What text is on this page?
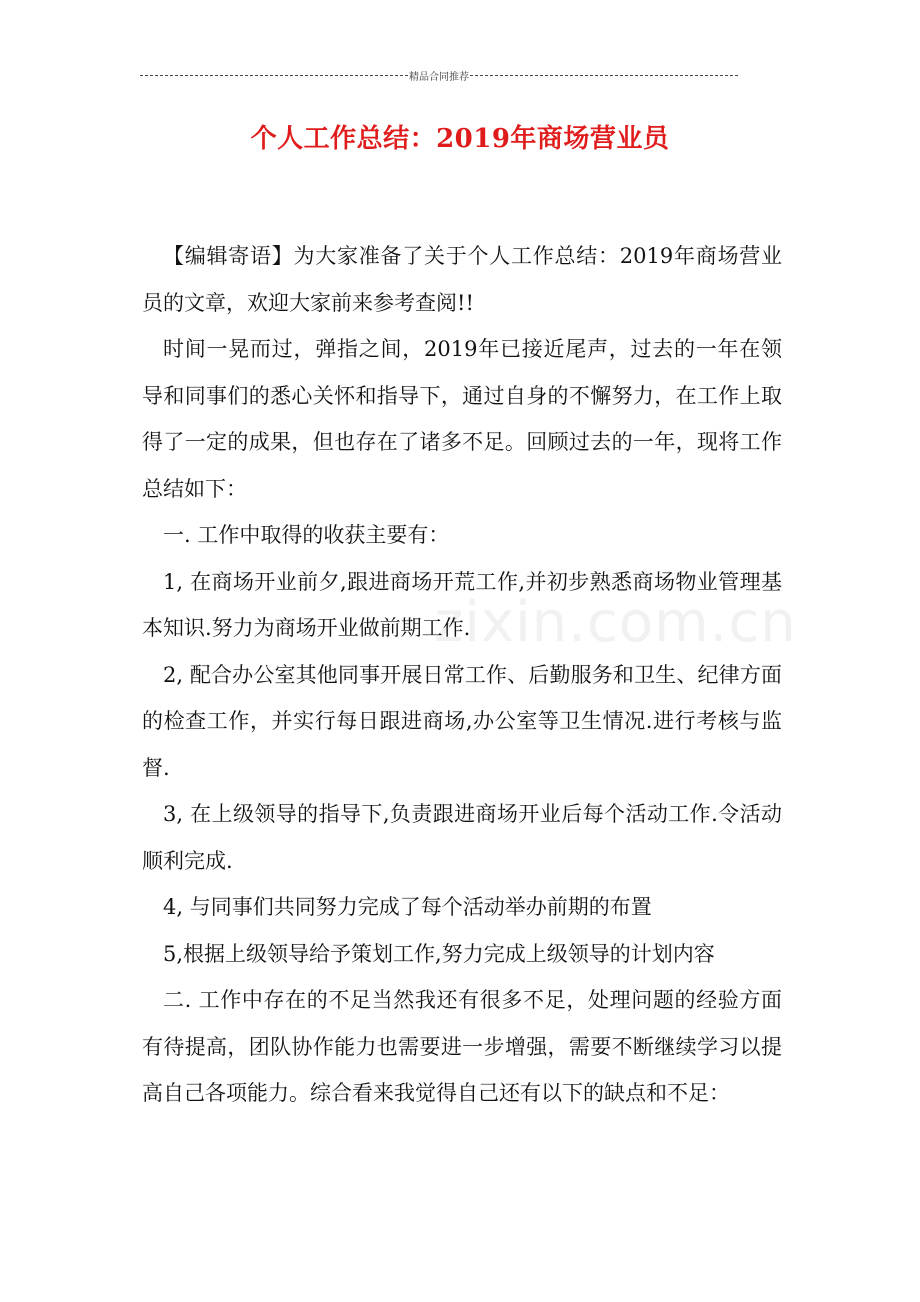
精品合同推荐
个人工作总结：2019年商场营业员
zixin.com.cn

【编辑寄语】为大家准备了关于个人工作总结：2019年商场营业员的文章，欢迎大家前来参考查阅!!

时间一晃而过，弹指之间，2019年已接近尾声，过去的一年在领导和同事们的悉心关怀和指导下，通过自身的不懈努力，在工作上取得了一定的成果，但也存在了诸多不足。回顾过去的一年，现将工作总结如下：

一. 工作中取得的收获主要有：

1, 在商场开业前夕,跟进商场开荒工作,并初步熟悉商场物业管理基本知识.努力为商场开业做前期工作.

2, 配合办公室其他同事开展日常工作、后勤服务和卫生、纪律方面的检查工作，并实行每日跟进商场,办公室等卫生情况.进行考核与监督.

3, 在上级领导的指导下,负责跟进商场开业后每个活动工作.令活动顺利完成.

4, 与同事们共同努力完成了每个活动举办前期的布置

5,根据上级领导给予策划工作,努力完成上级领导的计划内容

二. 工作中存在的不足当然我还有很多不足，处理问题的经验方面有待提高，团队协作能力也需要进一步增强，需要不断继续学习以提高自己各项能力。综合看来我觉得自己还有以下的缺点和不足：
